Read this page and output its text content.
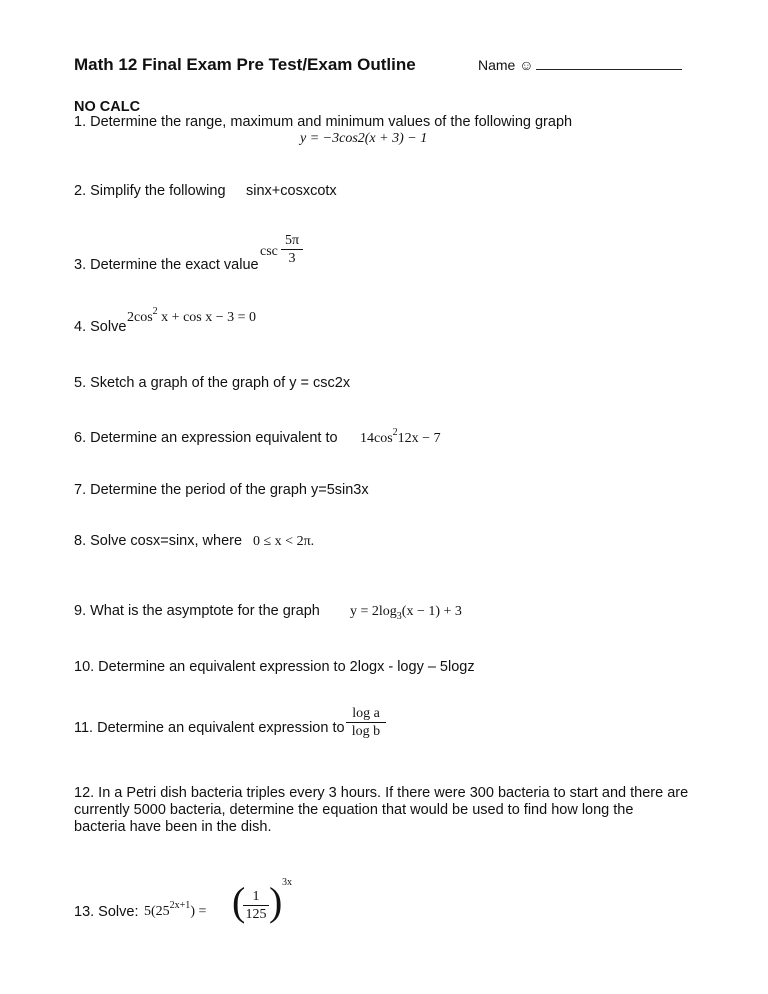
Math 12 Final Exam Pre Test/Exam Outline	Name ☺
NO CALC
1. Determine the range, maximum and minimum values of the following graph
y = −3cos2(x + 3) − 1
2. Simplify the following sinx+cosxcotx
3. Determine the exact value
$\csc \frac{5\pi}{3}$
4. Solve
$2\cos^2$ x + cos x − 3 = 0
5. Sketch a graph of the graph of y = csc2x
6. Determine an expression equivalent to $14\cos^212x - 7$
7. Determine the period of the graph y=5sin3x
8. Solve cosx=sinx, where 0 ≤ x < 2π.
9. What is the asymptote for the graph $y = 2\log_3(x - 1) + 3$
10. Determine an equivalent expression to 2logx - logy – 5logz
11. Determine an equivalent expression to $\frac{\text{log a}}{\text{log b}}$
12. In a Petri dish bacteria triples every 3 hours. If there were 300 bacteria to start and there are
currently 5000 bacteria, determine the equation that would be used to find how long the
bacteria have been in the dish.
13. Solve: $5(25^{2x+1})$ = (
$\frac{1}{125}$ ) 3x
